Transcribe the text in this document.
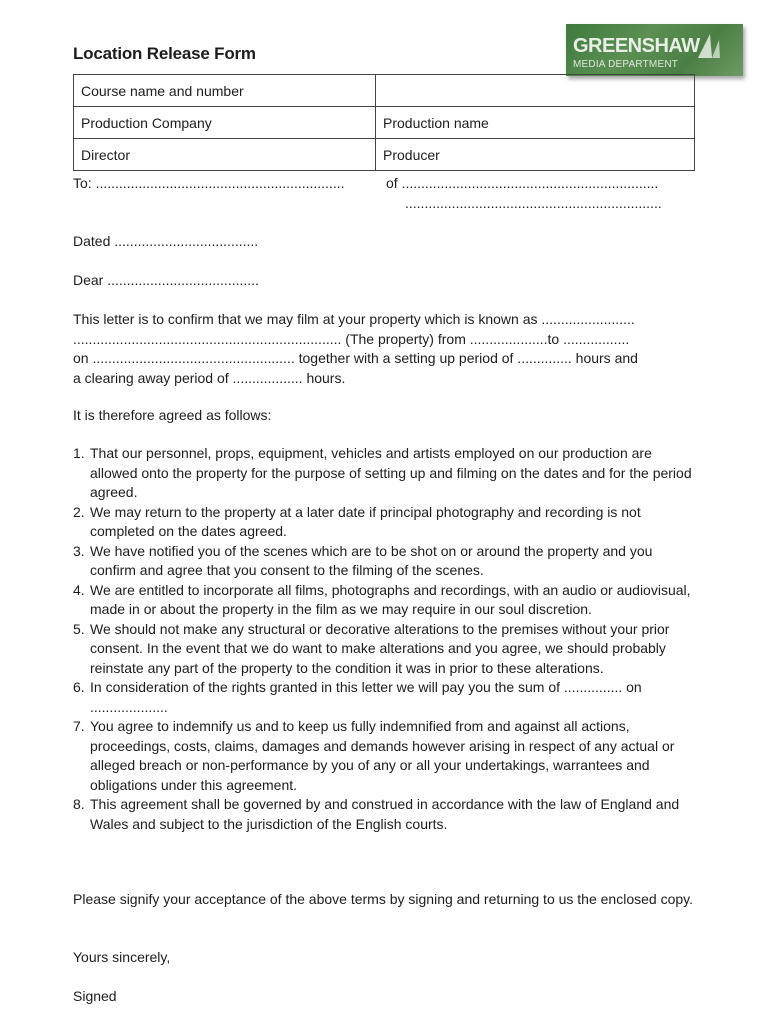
Location Release Form	GREENSHAW
MEDIA DEPARTMENT
Course name and number	
Production Company	Production name
Director	Producer
To: ................................................................	of ..................................................................
..................................................................
Dated .....................................
Dear .......................................
This letter is to confirm that we may film at your property which is known as ........................
..................................................................... (The property) from ....................to .................
on .................................................... together with a setting up period of .............. hours and
a clearing away period of .................. hours.
It is therefore agreed as follows:
1. That our personnel, props, equipment, vehicles and artists employed on our production are allowed onto the property for the purpose of setting up and filming on the dates and for the period agreed.
2. We may return to the property at a later date if principal photography and recording is not completed on the dates agreed.
3. We have notified you of the scenes which are to be shot on or around the property and you confirm and agree that you consent to the filming of the scenes.
4. We are entitled to incorporate all films, photographs and recordings, with an audio or audiovisual, made in or about the property in the film as we may require in our soul discretion.
5. We should not make any structural or decorative alterations to the premises without your prior consent. In the event that we do want to make alterations and you agree, we should probably reinstate any part of the property to the condition it was in prior to these alterations.
6. In consideration of the rights granted in this letter we will pay you the sum of ............... on ....................
7. You agree to indemnify us and to keep us fully indemnified from and against all actions, proceedings, costs, claims, damages and demands however arising in respect of any actual or alleged breach or non-performance by you of any or all your undertakings, warrantees and obligations under this agreement.
8. This agreement shall be governed by and construed in accordance with the law of England and Wales and subject to the jurisdiction of the English courts.
Please signify your acceptance of the above terms by signing and returning to us the enclosed copy.
Yours sincerely,
Signed
